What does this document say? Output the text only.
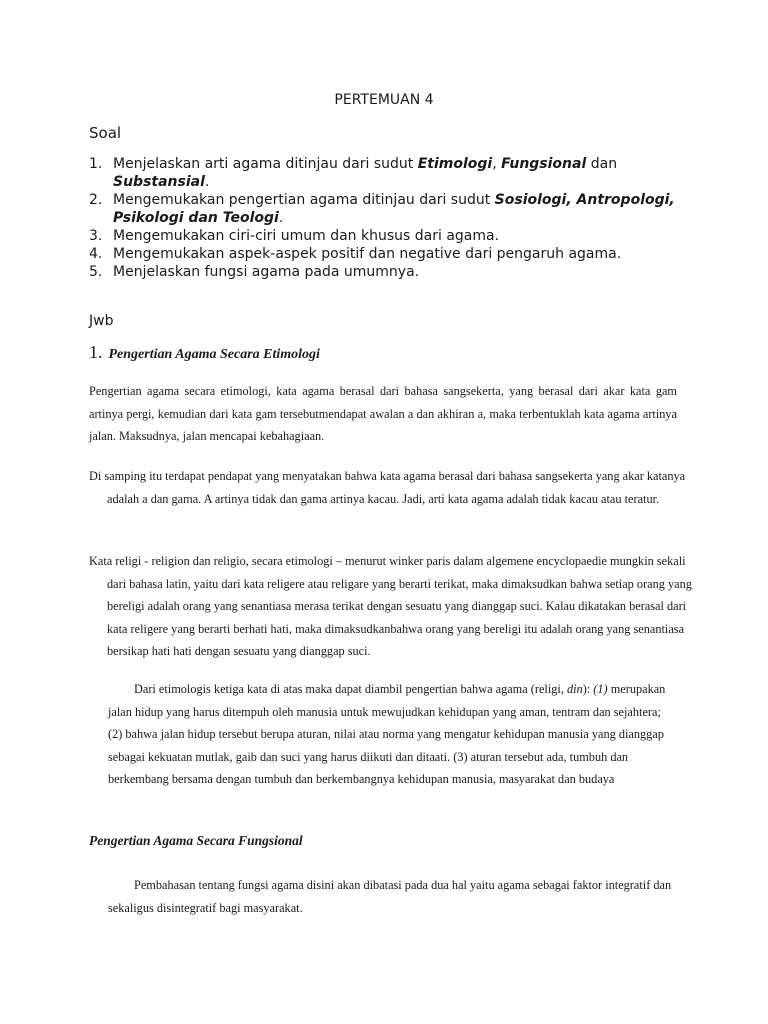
PERTEMUAN 4
Soal
1. Menjelaskan arti agama ditinjau dari sudut Etimologi, Fungsional dan Substansial.
2. Mengemukakan pengertian agama ditinjau dari sudut Sosiologi, Antropologi, Psikologi dan Teologi.
3. Mengemukakan ciri-ciri umum dan khusus dari agama.
4. Mengemukakan aspek-aspek positif dan negative dari pengaruh agama.
5. Menjelaskan fungsi agama pada umumnya.
Jwb
1. Pengertian Agama Secara Etimologi

Pengertian agama secara etimologi, kata agama berasal dari bahasa sangsekerta, yang berasal dari akar kata gam artinya pergi, kemudian dari kata gam tersebutmendapat awalan a dan akhiran a, maka terbentuklah kata agama artinya jalan. Maksudnya, jalan mencapai kebahagiaan.

Di samping itu terdapat pendapat yang menyatakan bahwa kata agama berasal dari bahasa sangsekerta yang akar katanya adalah a dan gama. A artinya tidak dan gama artinya kacau. Jadi, arti kata agama adalah tidak kacau atau teratur.

Kata religi - religion dan religio, secara etimologi – menurut winker paris dalam algemene encyclopaedie mungkin sekali dari bahasa latin, yaitu dari kata religere atau religare yang berarti terikat, maka dimaksudkan bahwa setiap orang yang bereligi adalah orang yang senantiasa merasa terikat dengan sesuatu yang dianggap suci. Kalau dikatakan berasal dari kata religere yang berarti berhati hati, maka dimaksudkanbahwa orang yang bereligi itu adalah orang yang senantiasa bersikap hati hati dengan sesuatu yang dianggap suci.

Dari etimologis ketiga kata di atas maka dapat diambil pengertian bahwa agama (religi, din): (1) merupakan jalan hidup yang harus ditempuh oleh manusia untuk mewujudkan kehidupan yang aman, tentram dan sejahtera; (2) bahwa jalan hidup tersebut berupa aturan, nilai atau norma yang mengatur kehidupan manusia yang dianggap sebagai kekuatan mutlak, gaib dan suci yang harus diikuti dan ditaati. (3) aturan tersebut ada, tumbuh dan berkembang bersama dengan tumbuh dan berkembangnya kehidupan manusia, masyarakat dan budaya

Pengertian Agama Secara Fungsional

Pembahasan tentang fungsi agama disini akan dibatasi pada dua hal yaitu agama sebagai faktor integratif dan sekaligus disintegratif bagi masyarakat.
